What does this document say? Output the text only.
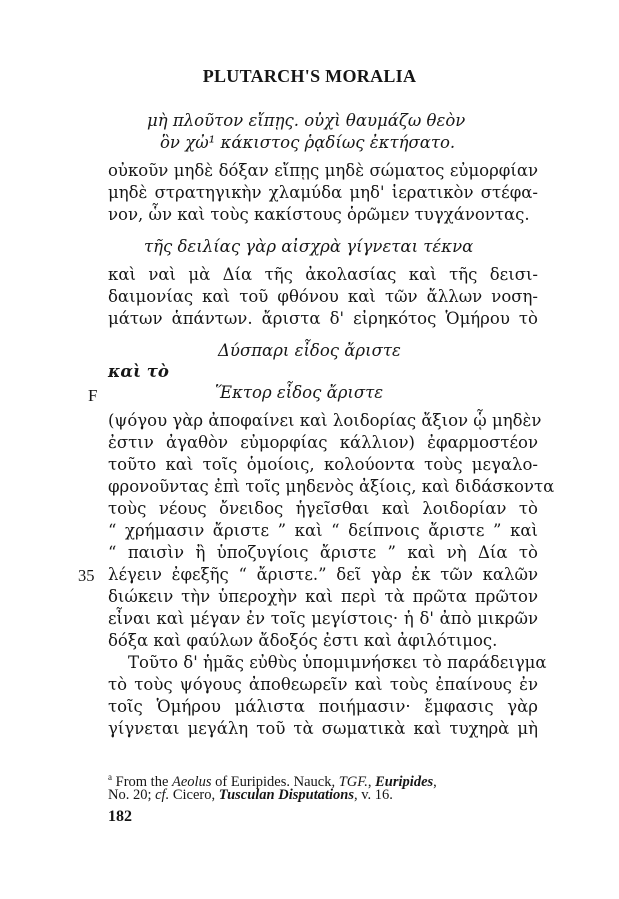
PLUTARCH'S MORALIA
μὴ πλοῦτον εἴπῃς. οὐχὶ θαυμάζω θεὸν
ὃν χὠ¹ κάκιστος ῥᾳδίως ἐκτήσατο.
οὐκοῦν μηδὲ δόξαν εἴπῃς μηδὲ σώματος εὐμορφίαν
μηδὲ στρατηγικὴν χλαμύδα μηδ' ἱερατικὸν στέφα-
νον, ὧν καὶ τοὺς κακίστους ὁρῶμεν τυγχάνοντας.
τῆς δειλίας γὰρ αἰσχρὰ γίγνεται τέκνα
καὶ ναὶ μὰ Δία τῆς ἀκολασίας καὶ τῆς δεισι-
δαιμονίας καὶ τοῦ φθόνου καὶ τῶν ἄλλων νοση-
μάτων ἁπάντων. ἄριστα δ' εἰρηκότος Ὁμήρου τὸ
Δύσπαρι εἶδος ἄριστε
καὶ τὸ
F	Ἕκτορ εἶδος ἄριστε
(ψόγου γὰρ ἀποφαίνει καὶ λοιδορίας ἄξιον ᾧ μηδὲν
ἐστιν ἀγαθὸν εὐμορφίας κάλλιον) ἐφαρμοστέον
τοῦτο καὶ τοῖς ὁμοίοις, κολούοντα τοὺς μεγαλο-
φρονοῦντας ἐπὶ τοῖς μηδενὸς ἀξίοις, καὶ διδάσκοντα
τοὺς νέους ὄνειδος ἡγεῖσθαι καὶ λοιδορίαν τὸ
“ χρήμασιν ἄριστε ” καὶ “ δείπνοις ἄριστε ” καὶ
“ παισὶν ἢ ὑποζυγίοις ἄριστε ” καὶ νὴ Δία τὸ
35 λέγειν ἐφεξῆς “ ἄριστε.” δεῖ γὰρ ἐκ τῶν καλῶν
διώκειν τὴν ὑπεροχὴν καὶ περὶ τὰ πρῶτα πρῶτον
εἶναι καὶ μέγαν ἐν τοῖς μεγίστοις· ἡ δ' ἀπὸ μικρῶν
δόξα καὶ φαύλων ἄδοξός ἐστι καὶ ἀφιλότιμος.
Τοῦτο δ' ἡμᾶς εὐθὺς ὑπομιμνήσκει τὸ παράδειγμα
τὸ τοὺς ψόγους ἀποθεωρεῖν καὶ τοὺς ἐπαίνους ἐν
τοῖς Ὁμήρου μάλιστα ποιήμασιν· ἔμφασις γὰρ
γίγνεται μεγάλη τοῦ τὰ σωματικὰ καὶ τυχηρὰ μὴ
$^a$ From the Aeolus of Euripides. Nauck, TGF., Euripides,
No. 20; cf. Cicero, Tusculan Disputations, v. 16.
182
